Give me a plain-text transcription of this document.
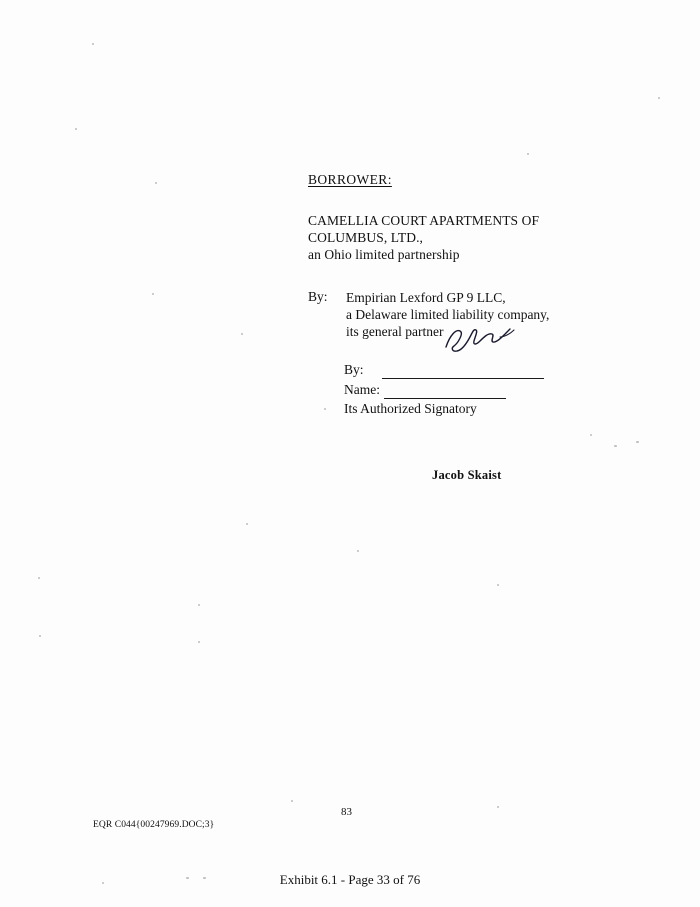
BORROWER:
CAMELLIA COURT APARTMENTS OF
COLUMBUS, LTD.,
an Ohio limited partnership
By:	Empirian Lexford GP 9 LLC,
a Delaware limited liability company,
its general partner
By:
Name:
Its Authorized Signatory
Jacob Skaist
83
EQR C044{00247969.DOC;3}
Exhibit 6.1 - Page 33 of 76
